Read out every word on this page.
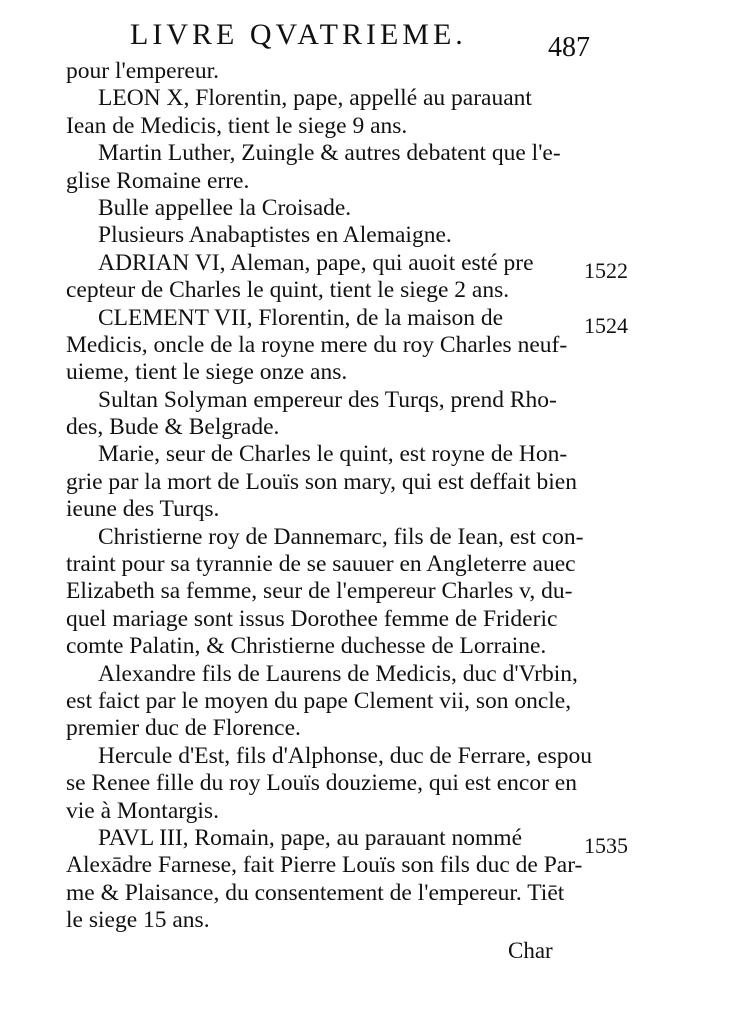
LIVRE QVATRIEME.	487
pour l'empereur.
LEON X, Florentin, pape, appellé au parauant
Iean de Medicis, tient le siege 9 ans.
Martin Luther, Zuingle & autres debatent que l'e-
glise Romaine erre.
Bulle appellee la Croisade.
Plusieurs Anabaptistes en Alemaigne.
ADRIAN VI, Aleman, pape, qui auoit esté pre
cepteur de Charles le quint, tient le siege 2 ans.
CLEMENT VII, Florentin, de la maison de
Medicis, oncle de la royne mere du roy Charles neuf-
uieme, tient le siege onze ans.
Sultan Solyman empereur des Turqs, prend Rho-
des, Bude & Belgrade.
Marie, seur de Charles le quint, est royne de Hon-
grie par la mort de Louïs son mary, qui est deffait bien
ieune des Turqs.
Christierne roy de Dannemarc, fils de Iean, est con-
traint pour sa tyrannie de se sauuer en Angleterre auec
Elizabeth sa femme, seur de l'empereur Charles v, du-
quel mariage sont issus Dorothee femme de Frideric
comte Palatin, & Christierne duchesse de Lorraine.
Alexandre fils de Laurens de Medicis, duc d'Vrbin,
est faict par le moyen du pape Clement vii, son oncle,
premier duc de Florence.
Hercule d'Est, fils d'Alphonse, duc de Ferrare, espou
se Renee fille du roy Louïs douzieme, qui est encor en
vie à Montargis.
PAVL III, Romain, pape, au parauant nommé
Alexādre Farnese, fait Pierre Louïs son fils duc de Par-
me & Plaisance, du consentement de l'empereur. Tiēt
le siege 15 ans.
1522
1524
1535
Char
